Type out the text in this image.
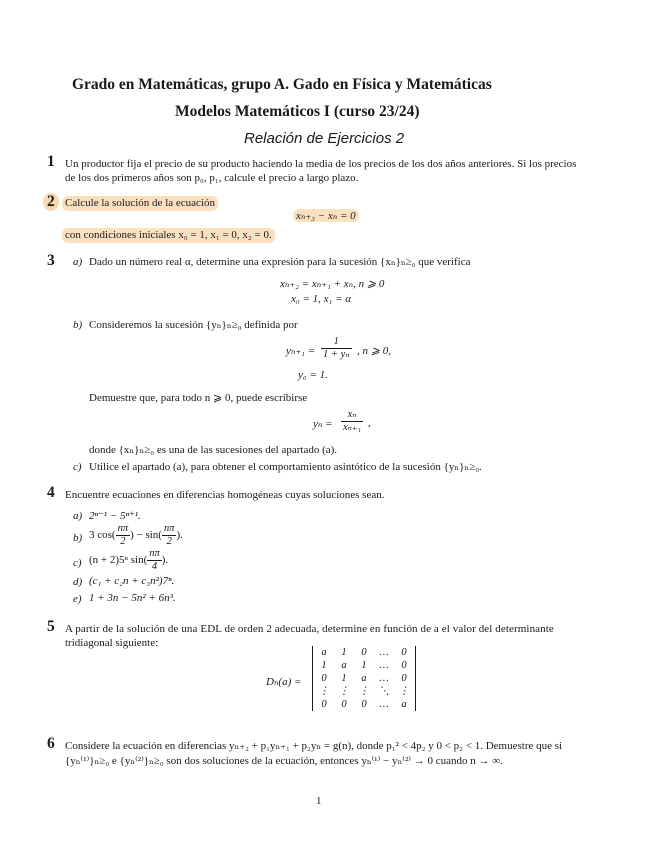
Grado en Matemáticas, grupo A. Gado en Física y Matemáticas
Modelos Matemáticos I (curso 23/24)
Relación de Ejercicios 2
1 Un productor fija el precio de su producto haciendo la media de los precios de los dos años anteriores. Si los precios
de los dos primeros años son p₀, p₁, calcule el precio a largo plazo.
2 Calcule la solución de la ecuación
xₙ₊₃ − xₙ = 0
con condiciones iniciales x₀ = 1, x₁ = 0, x₂ = 0.
3 a) Dado un número real α, determine una expresión para la sucesión {xₙ}ₙ≥₀ que verifica
xₙ₊₂ = xₙ₊₁ + xₙ, n ⩾ 0
x₀ = 1, x₁ = α
b) Consideremos la sucesión {yₙ}ₙ≥₀ definida por
$y_{n+1} = \frac{1}{\text{1 + yₙ}}$ , n ⩾ 0,
y₀ = 1.
Demuestre que, para todo n ⩾ 0, puede escribirse
$y_n = \frac{\text{xₙ}}{\text{xₙ₊₁}}$ ,
donde {xₙ}ₙ≥₀ es una de las sucesiones del apartado (a).
c) Utilice el apartado (a), para obtener el comportamiento asintótico de la sucesión {yₙ}ₙ≥₀.
4 Encuentre ecuaciones en diferencias homogéneas cuyas soluciones sean.
a) 2ⁿ⁻¹ − 5ⁿ⁺¹.
b) 3 $\cos( \frac{n\pi}{2}$ ) − $\sin( \frac{n\pi}{2}$ ).
c) (n + 2)5ⁿ $\sin( \frac{n\pi}{4}$ ).
d) (c₁ + c₂n + c₃n²)7ⁿ.
e) 1 + 3n − 5n² + 6n³.
5 A partir de la solución de una EDL de orden 2 adecuada, determine en función de a el valor del determinante
tridiagonal siguiente:
Dₙ(a) =
a	1	0	…	0
1	a	1	…	0
0	1	a	…	0
⋮ ⋮ ⋮ ⋱ ⋮
0	0	0	…	a
6 Considere la ecuación en diferencias yₙ₊₂ + p₁yₙ₊₁ + p₂yₙ = g(n), donde p₁² < 4p₂ y 0 < p₂ < 1. Demuestre que si
{yₙ⁽¹⁾}ₙ≥₀ e {yₙ⁽²⁾}ₙ≥₀ son dos soluciones de la ecuación, entonces yₙ⁽¹⁾ − yₙ⁽²⁾ → 0 cuando n → ∞.
1
